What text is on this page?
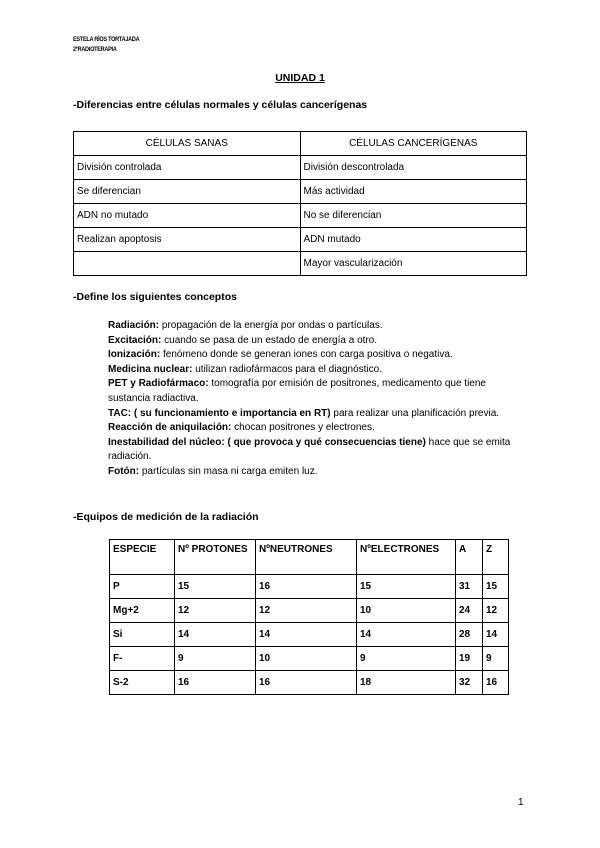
ESTELA RÍOS TORTAJADA
2ºRADIOTERAPIA
UNIDAD 1
-Diferencias entre células normales y células cancerígenas
CÉLULAS SANAS	CÉLULAS CANCERÍGENAS
División controlada	División descontrolada
Se diferencian	Más actividad
ADN no mutado	No se diferencian
Realizan apoptosis	ADN mutado
	Mayor vascularización
-Define los siguientes conceptos

Radiación: propagación de la energía por ondas o partículas.

Excitación: cuando se pasa de un estado de energía a otro.

Ionización: fenómeno donde se generan iones con carga positiva o negativa.

Medicina nuclear: utilizan radiofármacos para el diagnóstico.

PET y Radiofármaco: tomografía por emisión de positrones, medicamento que tiene sustancia radiactiva.

TAC: ( su funcionamiento e importancia en RT) para realizar una planificación previa.

Reacción de aniquilación: chocan positrones y electrones.

Inestabilidad del núcleo: ( que provoca y qué consecuencias tiene) hace que se emita radiación.

Fotón: partículas sin masa ni carga emiten luz.

-Equipos de medición de la radiación
ESPECIE	Nº PROTONES	NºNEUTRONES	NºELECTRONES	A	Z
P	15	16	15	31	15
Mg+2	12	12	10	24	12
Si	14	14	14	28	14
F-	9	10	9	19	9
S-2	16	16	18	32	16
1
